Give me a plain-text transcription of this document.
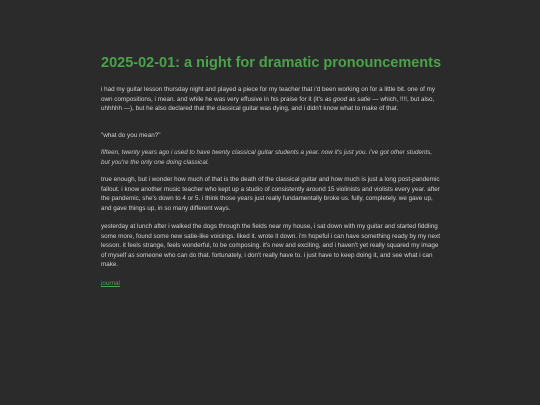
2025-02-01: a night for dramatic pronouncements

i had my guitar lesson thursday night and played a piece for my teacher that i'd been working on for a little bit. one of my own compositions, i mean. and while he was very effusive in his praise for it (it's as good as satie — which, !!!!, but also, uhhhhh —), but he also declared that the classical guitar was dying, and i didn't know what to make of that.

"what do you mean?"

fifteen, twenty years ago i used to have twenty classical guitar students a year. now it's just you. i've got other students, but you're the only one doing classical.

true enough, but i wonder how much of that is the death of the classical guitar and how much is just a long post-pandemic fallout. i know another music teacher who kept up a studio of consistently around 15 violinists and violists every year. after the pandemic, she's down to 4 or 5. i think those years just really fundamentally broke us. fully, completely. we gave up, and gave things up, in so many different ways.

yesterday at lunch after i walked the dogs through the fields near my house, i sat down with my guitar and started fiddling some more, found some new satie-like voicings. liked it. wrote it down. i'm hopeful i can have something ready by my next lesson. it feels strange, feels wonderful, to be composing. it's new and exciting, and i haven't yet really squared my image of myself as someone who can do that. fortunately, i don't really have to. i just have to keep doing it, and see what i can make.

journal
